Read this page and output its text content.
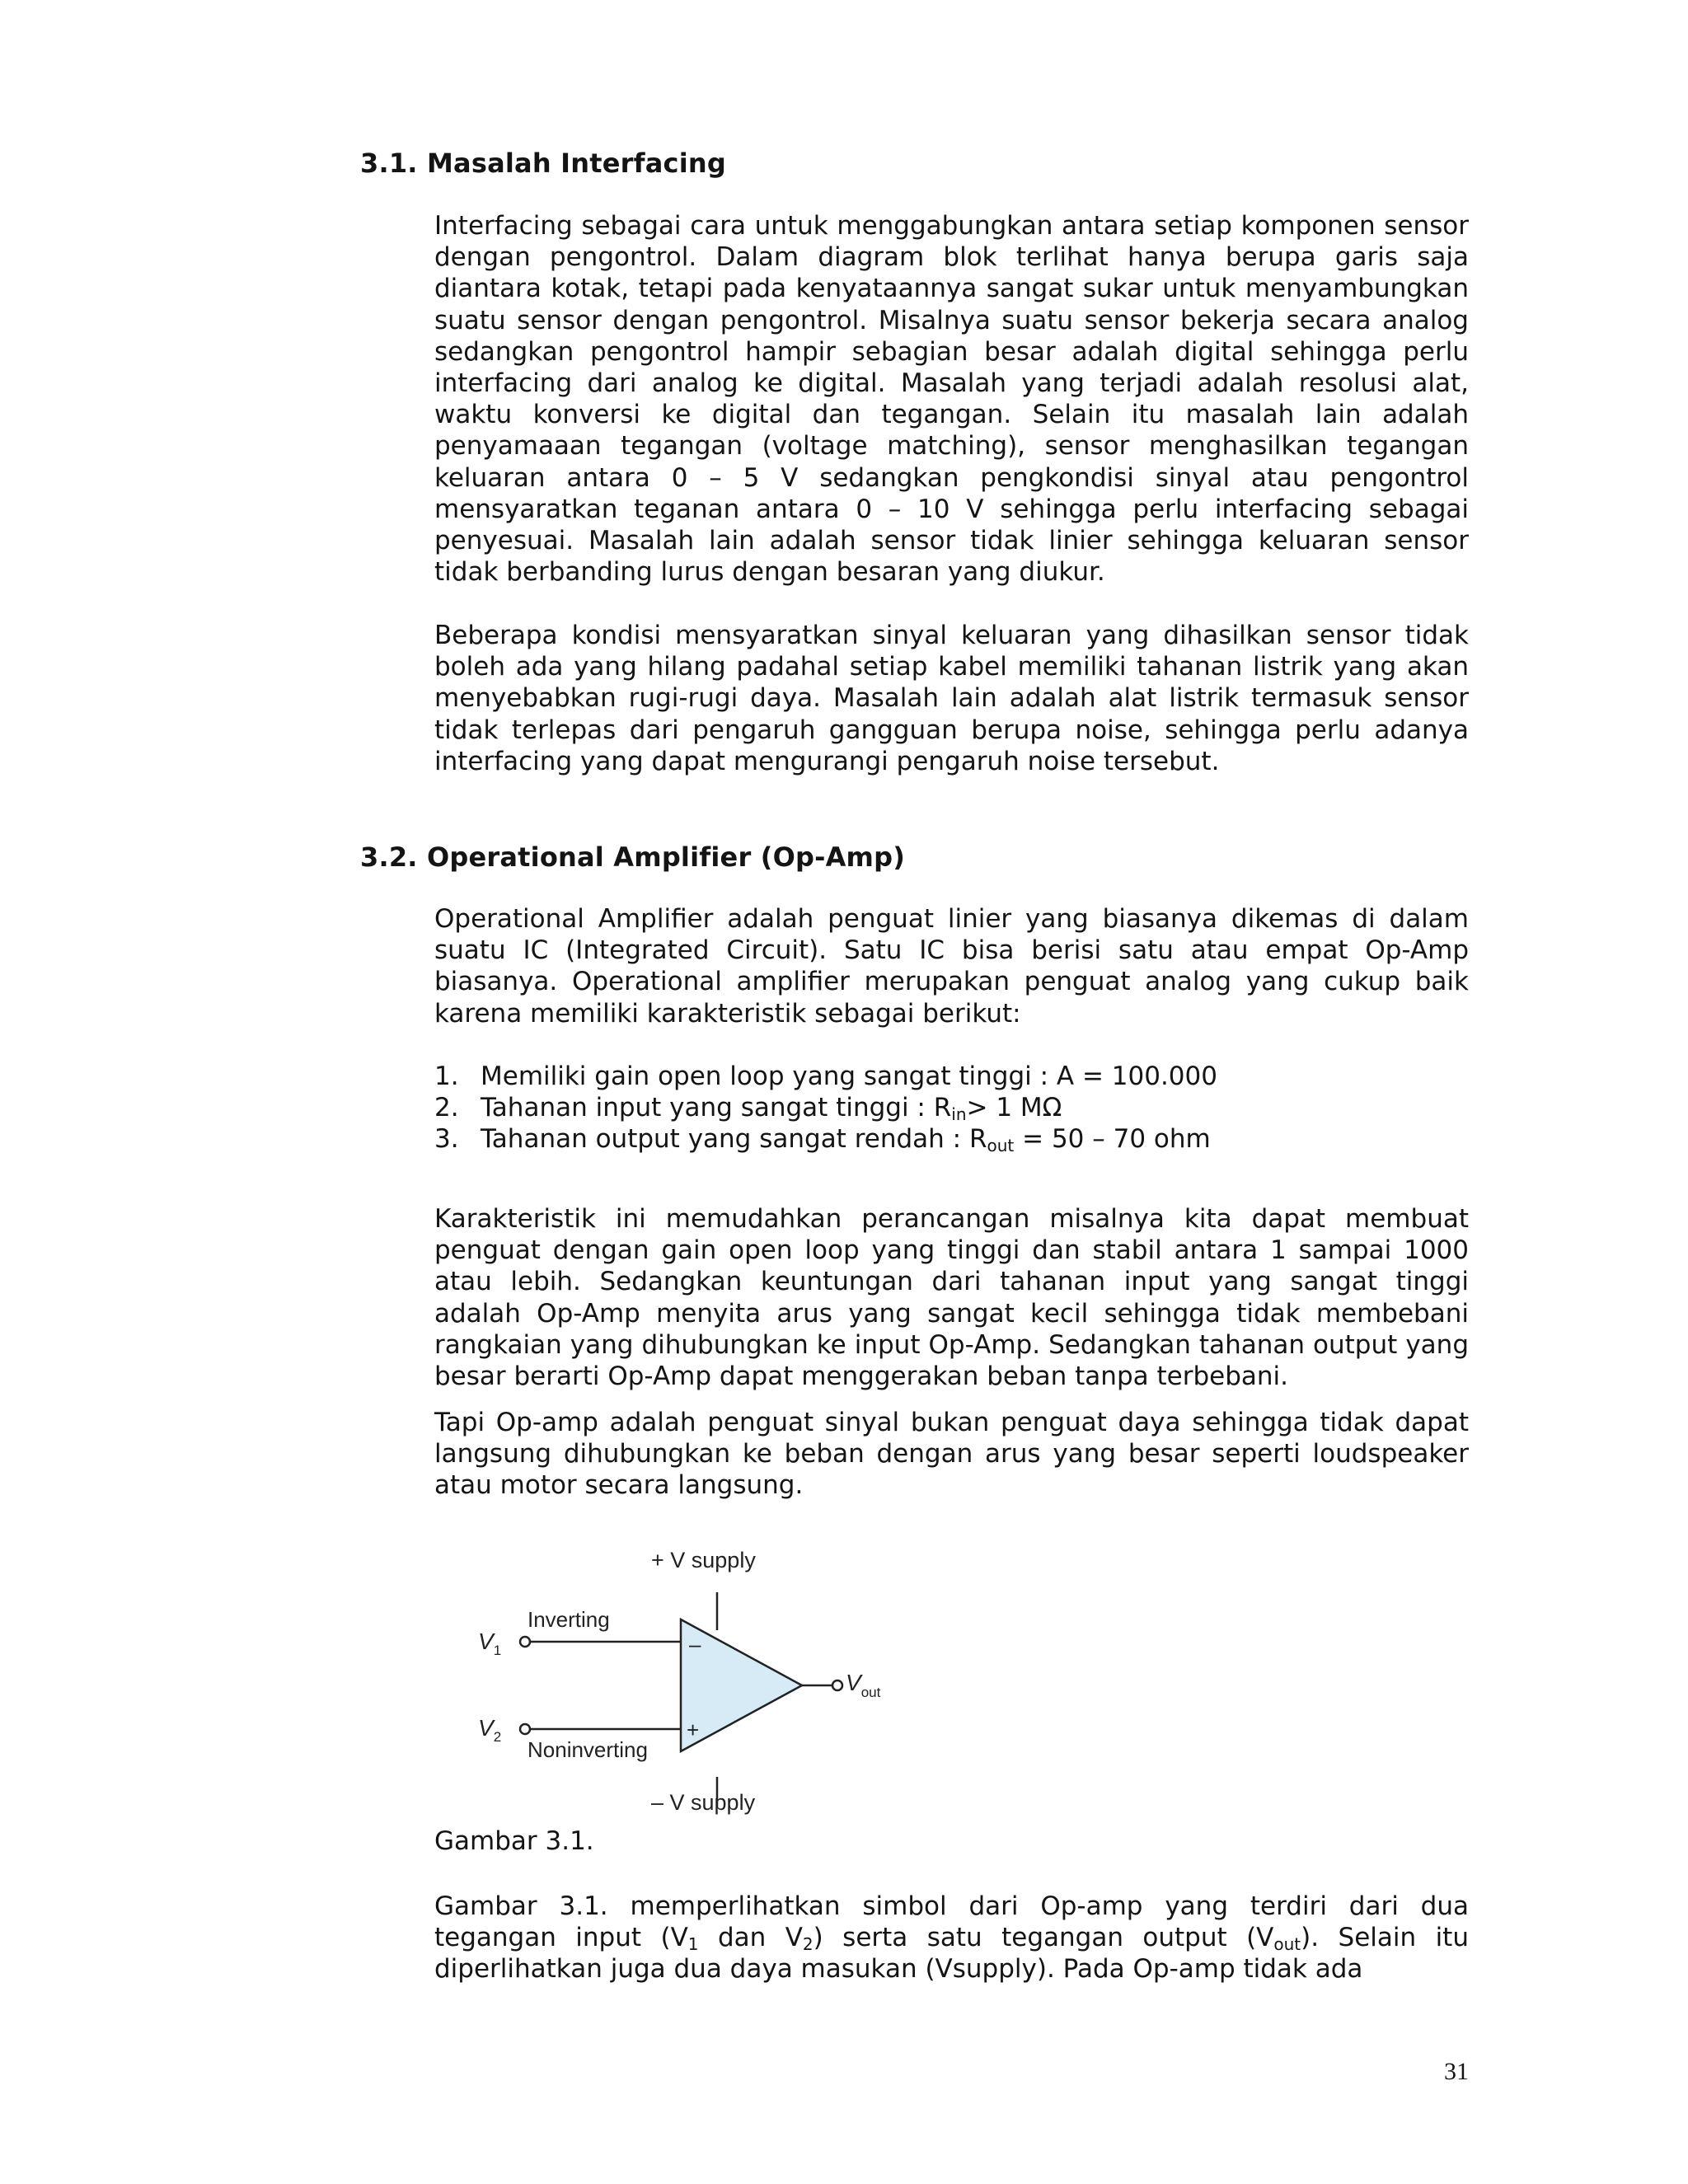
3.1. Masalah Interfacing

Interfacing sebagai cara untuk menggabungkan antara setiap komponen sensor dengan pengontrol. Dalam diagram blok terlihat hanya berupa garis saja diantara kotak, tetapi pada kenyataannya sangat sukar untuk menyambungkan suatu sensor dengan pengontrol. Misalnya suatu sensor bekerja secara analog sedangkan pengontrol hampir sebagian besar adalah digital sehingga perlu interfacing dari analog ke digital. Masalah yang terjadi adalah resolusi alat, waktu konversi ke digital dan tegangan. Selain itu masalah lain adalah penyamaaan tegangan (voltage matching), sensor menghasilkan tegangan keluaran antara 0 – 5 V sedangkan pengkondisi sinyal atau pengontrol mensyaratkan teganan antara 0 – 10 V sehingga perlu interfacing sebagai penyesuai. Masalah lain adalah sensor tidak linier sehingga keluaran sensor tidak berbanding lurus dengan besaran yang diukur.

Beberapa kondisi mensyaratkan sinyal keluaran yang dihasilkan sensor tidak boleh ada yang hilang padahal setiap kabel memiliki tahanan listrik yang akan menyebabkan rugi-rugi daya. Masalah lain adalah alat listrik termasuk sensor tidak terlepas dari pengaruh gangguan berupa noise, sehingga perlu adanya interfacing yang dapat mengurangi pengaruh noise tersebut.

3.2. Operational Amplifier (Op-Amp)

Operational Amplifier adalah penguat linier yang biasanya dikemas di dalam suatu IC (Integrated Circuit). Satu IC bisa berisi satu atau empat Op-Amp biasanya. Operational amplifier merupakan penguat analog yang cukup baik karena memiliki karakteristik sebagai berikut:

1. Memiliki gain open loop yang sangat tinggi : A = 100.000
2. Tahanan input yang sangat tinggi : $R_{in}> 1$ MΩ
3. Tahanan output yang sangat rendah : $R_{out} = 50 - 70$ ohm

Karakteristik ini memudahkan perancangan misalnya kita dapat membuat penguat dengan gain open loop yang tinggi dan stabil antara 1 sampai 1000 atau lebih. Sedangkan keuntungan dari tahanan input yang sangat tinggi adalah Op-Amp menyita arus yang sangat kecil sehingga tidak membebani rangkaian yang dihubungkan ke input Op-Amp. Sedangkan tahanan output yang besar berarti Op-Amp dapat menggerakan beban tanpa terbebani.

Tapi Op-amp adalah penguat sinyal bukan penguat daya sehingga tidak dapat langsung dihubungkan ke beban dengan arus yang besar seperti loudspeaker atau motor secara langsung.

+ V supply
– V supply
Inverting
Noninverting
–
+
$V_1$
$V_2$
$V_{out}$

Gambar 3.1.

Gambar 3.1. memperlihatkan simbol dari Op-amp yang terdiri dari dua tegangan input ($V_1$ dan $V_2$) serta satu tegangan output $(V_{out})$. Selain itu diperlihatkan juga dua daya masukan (Vsupply). Pada Op-amp tidak ada

31
